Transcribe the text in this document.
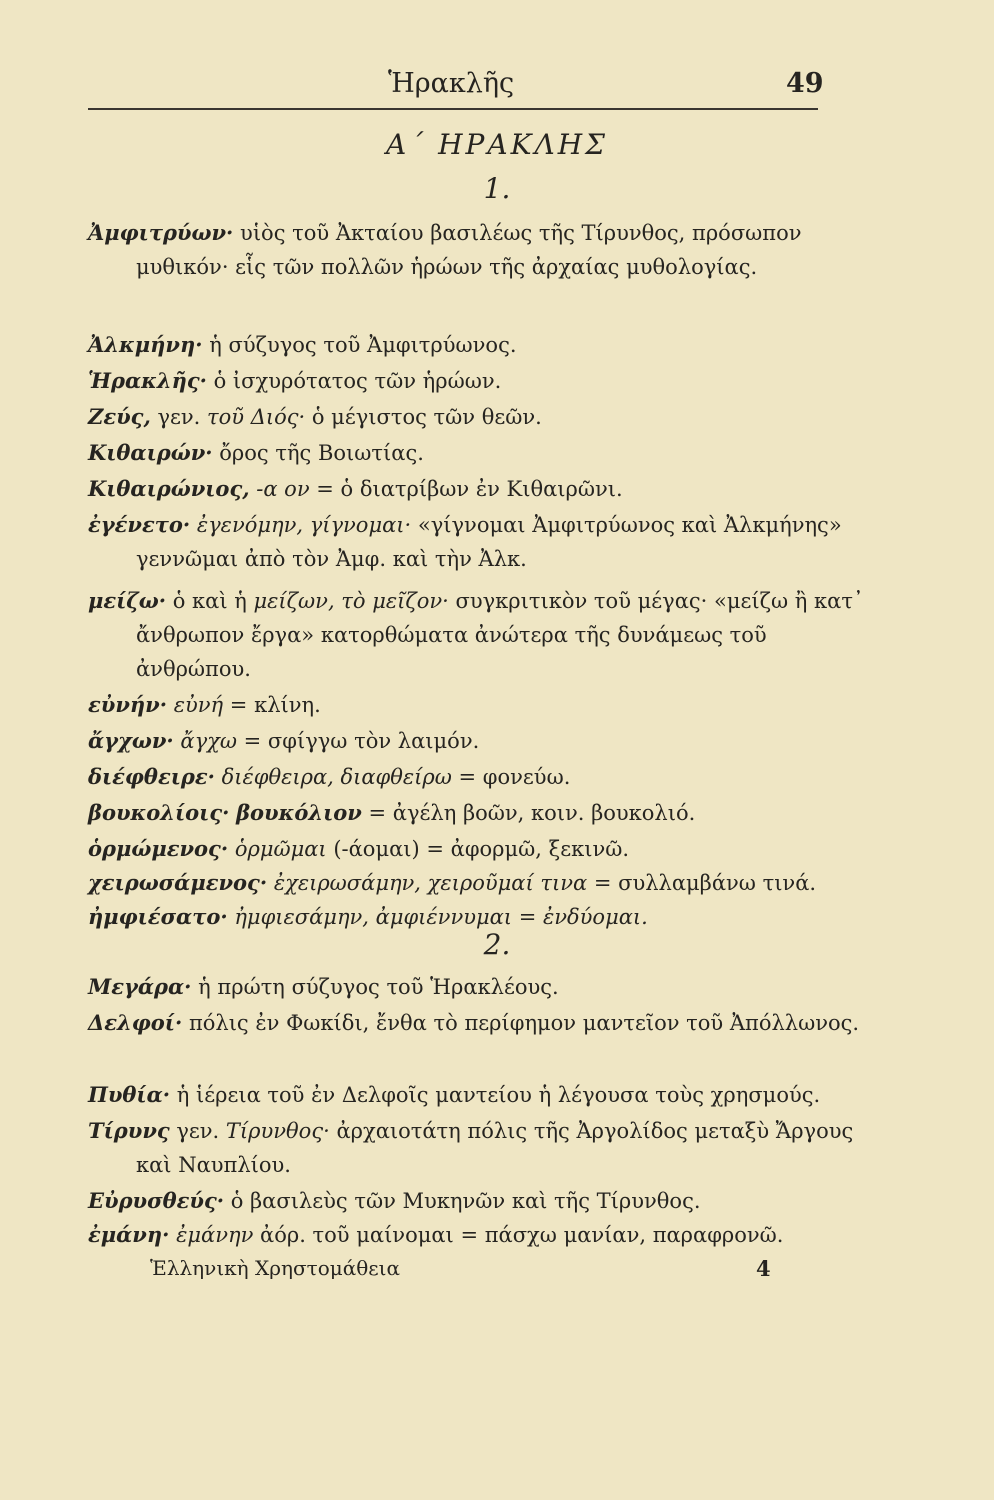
Ἡρακλῆς	49
Α΄ ΗΡΑΚΛΗΣ
1.
Ἀμφιτρύων· υἱὸς τοῦ Ἀκταίου βασιλέως τῆς Τίρυνθος, πρόσωπον μυθικόν· εἷς τῶν πολλῶν ἡρώων τῆς ἀρχαίας μυθολογίας.
Ἀλκμήνη· ἡ σύζυγος τοῦ Ἀμφιτρύωνος.
Ἡρακλῆς· ὁ ἰσχυρότατος τῶν ἡρώων.
Ζεύς, γεν. τοῦ Διός· ὁ μέγιστος τῶν θεῶν.
Κιθαιρών· ὄρος τῆς Βοιωτίας.
Κιθαιρώνιος, -α ον = ὁ διατρίβων ἐν Κιθαιρῶνι.
ἐγένετο· ἐγενόμην, γίγνομαι· «γίγνομαι Ἀμφιτρύωνος καὶ Ἀλκμήνης» γεννῶμαι ἀπὸ τὸν Ἀμφ. καὶ τὴν Ἀλκ.
μείζω· ὁ καὶ ἡ μείζων, τὸ μεῖζον· συγκριτικὸν τοῦ μέγας· «μείζω ἢ κατ᾽ ἄνθρωπον ἔργα» κατορθώματα ἀνώτερα τῆς δυνάμεως τοῦ ἀνθρώπου.
εὐνήν· εὐνή = κλίνη.
ἄγχων· ἄγχω = σφίγγω τὸν λαιμόν.
διέφθειρε· διέφθειρα, διαφθείρω = φονεύω.
βουκολίοις· βουκόλιον = ἀγέλη βοῶν, κοιν. βουκολιό.
ὁρμώμενος· ὁρμῶμαι (-άομαι) = ἀφορμῶ, ξεκινῶ.
χειρωσάμενος· ἐχειρωσάμην, χειροῦμαί τινα = συλλαμβάνω τινά.
ἠμφιέσατο· ἠμφιεσάμην, ἀμφιέννυμαι = ἐνδύομαι.
2.
Μεγάρα· ἡ πρώτη σύζυγος τοῦ Ἡρακλέους.
Δελφοί· πόλις ἐν Φωκίδι, ἔνθα τὸ περίφημον μαντεῖον τοῦ Ἀπόλλωνος.
Πυθία· ἡ ἱέρεια τοῦ ἐν Δελφοῖς μαντείου ἡ λέγουσα τοὺς χρησμούς.
Τίρυνς γεν. Τίρυνθος· ἀρχαιοτάτη πόλις τῆς Ἀργολίδος μεταξὺ Ἄργους καὶ Ναυπλίου.
Εὐρυσθεύς· ὁ βασιλεὺς τῶν Μυκηνῶν καὶ τῆς Τίρυνθος.
ἐμάνη· ἐμάνην ἀόρ. τοῦ μαίνομαι = πάσχω μανίαν, παραφρονῶ.
Ἑλληνικὴ Χρηστομάθεια	4
